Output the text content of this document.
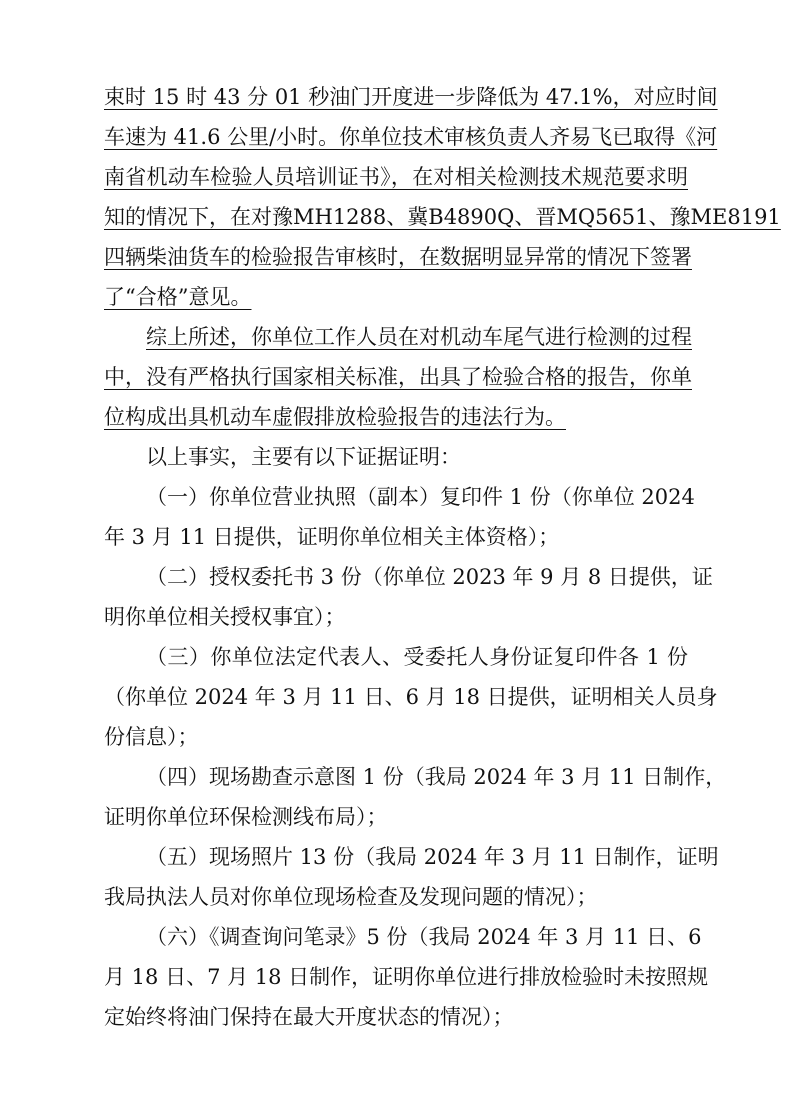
束时 15 时 43 分 01 秒油门开度进一步降低为 47.1%，对应时间
车速为 41.6 公里/小时。你单位技术审核负责人齐易飞已取得《河
南省机动车检验人员培训证书》，在对相关检测技术规范要求明
知的情况下，在对豫MH1288、冀B4890Q、晋MQ5651、豫ME8191
四辆柴油货车的检验报告审核时，在数据明显异常的情况下签署
了“合格”意见。
综上所述，你单位工作人员在对机动车尾气进行检测的过程
中，没有严格执行国家相关标准，出具了检验合格的报告，你单
位构成出具机动车虚假排放检验报告的违法行为。
以上事实，主要有以下证据证明：
（一）你单位营业执照（副本）复印件 1 份（你单位 2024
年 3 月 11 日提供，证明你单位相关主体资格）；
（二）授权委托书 3 份（你单位 2023 年 9 月 8 日提供，证
明你单位相关授权事宜）；
（三）你单位法定代表人、受委托人身份证复印件各 1 份
（你单位 2024 年 3 月 11 日、6 月 18 日提供，证明相关人员身
份信息）；
（四）现场勘查示意图 1 份（我局 2024 年 3 月 11 日制作，
证明你单位环保检测线布局）；
（五）现场照片 13 份（我局 2024 年 3 月 11 日制作，证明
我局执法人员对你单位现场检查及发现问题的情况）；
（六）《调查询问笔录》5 份（我局 2024 年 3 月 11 日、6
月 18 日、7 月 18 日制作，证明你单位进行排放检验时未按照规
定始终将油门保持在最大开度状态的情况）；
